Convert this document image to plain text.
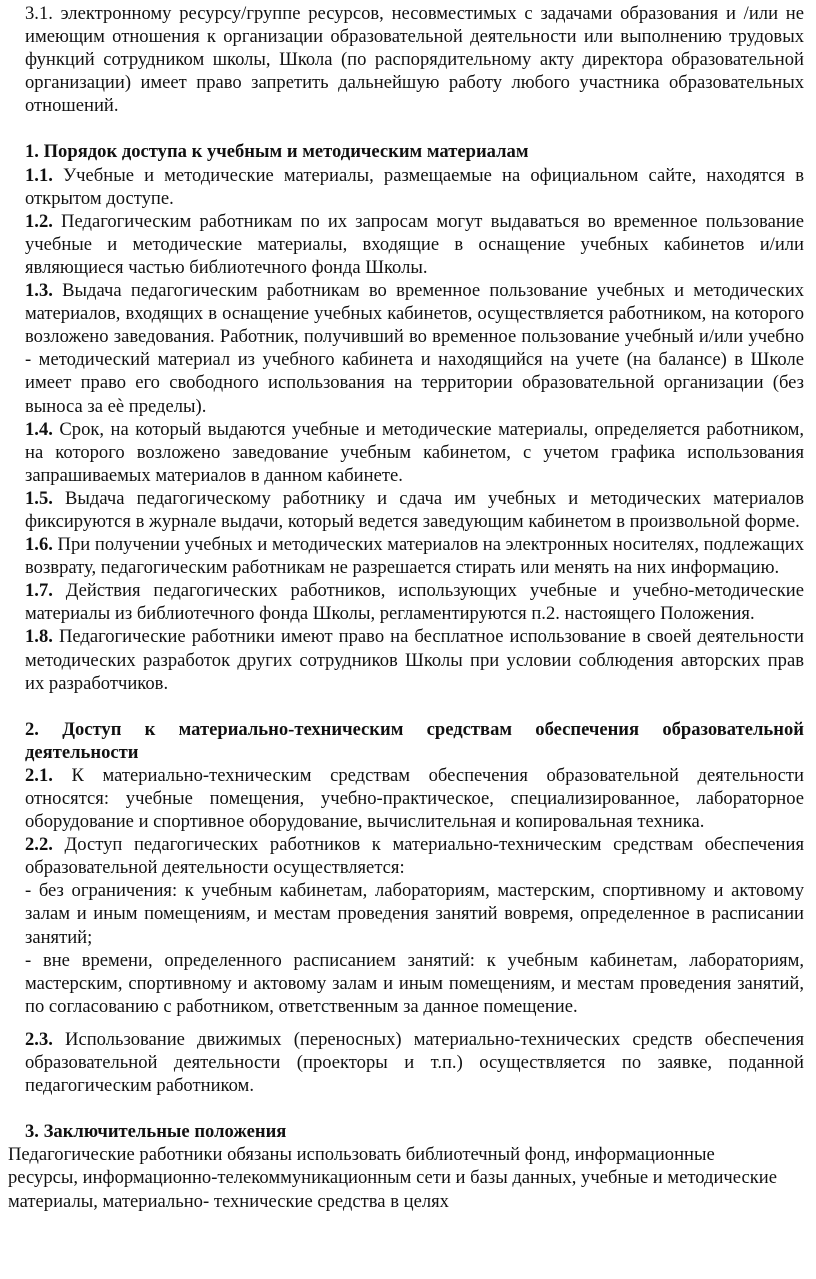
3.1. электронному ресурсу/группе ресурсов, несовместимых с задачами образования и /или не имеющим отношения к организации образовательной деятельности или выполнению трудовых функций сотрудником школы, Школа (по распорядительному акту директора образовательной организации) имеет право запретить дальнейшую работу любого участника образовательных отношений.

1. Порядок доступа к учебным и методическим материалам

1.1. Учебные и методические материалы, размещаемые на официальном сайте, находятся в открытом доступе.

1.2. Педагогическим работникам по их запросам могут выдаваться во временное пользование учебные и методические материалы, входящие в оснащение учебных кабинетов и/или являющиеся частью библиотечного фонда Школы.

1.3. Выдача педагогическим работникам во временное пользование учебных и методических материалов, входящих в оснащение учебных кабинетов, осуществляется работником, на которого возложено заведования. Работник, получивший во временное пользование учебный и/или учебно - методический материал из учебного кабинета и находящийся на учете (на балансе) в Школе имеет право его свободного использования на территории образовательной организации (без выноса за еѐ пределы).

1.4. Срок, на который выдаются учебные и методические материалы, определяется работником, на которого возложено заведование учебным кабинетом, с учетом графика использования запрашиваемых материалов в данном кабинете.

1.5. Выдача педагогическому работнику и сдача им учебных и методических материалов фиксируются в журнале выдачи, который ведется заведующим кабинетом в произвольной форме.

1.6. При получении учебных и методических материалов на электронных носителях, подлежащих возврату, педагогическим работникам не разрешается стирать или менять на них информацию.

1.7. Действия педагогических работников, использующих учебные и учебно-методические материалы из библиотечного фонда Школы, регламентируются п.2. настоящего Положения.

1.8. Педагогические работники имеют право на бесплатное использование в своей деятельности методических разработок других сотрудников Школы при условии соблюдения авторских прав их разработчиков.

2. Доступ к материально-техническим средствам обеспечения образовательной деятельности

2.1. К материально-техническим средствам обеспечения образовательной деятельности относятся: учебные помещения, учебно-практическое, специализированное, лабораторное оборудование и спортивное оборудование, вычислительная и копировальная техника.

2.2. Доступ педагогических работников к материально-техническим средствам обеспечения образовательной деятельности осуществляется:

- без ограничения: к учебным кабинетам, лабораториям, мастерским, спортивному и актовому залам и иным помещениям, и местам проведения занятий вовремя, определенное в расписании занятий;

- вне времени, определенного расписанием занятий: к учебным кабинетам, лабораториям, мастерским, спортивному и актовому залам и иным помещениям, и местам проведения занятий, по согласованию с работником, ответственным за данное помещение.

2.3. Использование движимых (переносных) материально-технических средств обеспечения образовательной деятельности (проекторы и т.п.) осуществляется по заявке, поданной педагогическим работником.

3. Заключительные положения

Педагогические работники обязаны использовать библиотечный фонд, информационные ресурсы, информационно-телекоммуникационным сети и базы данных, учебные и методические материалы, материально- технические средства в целях
